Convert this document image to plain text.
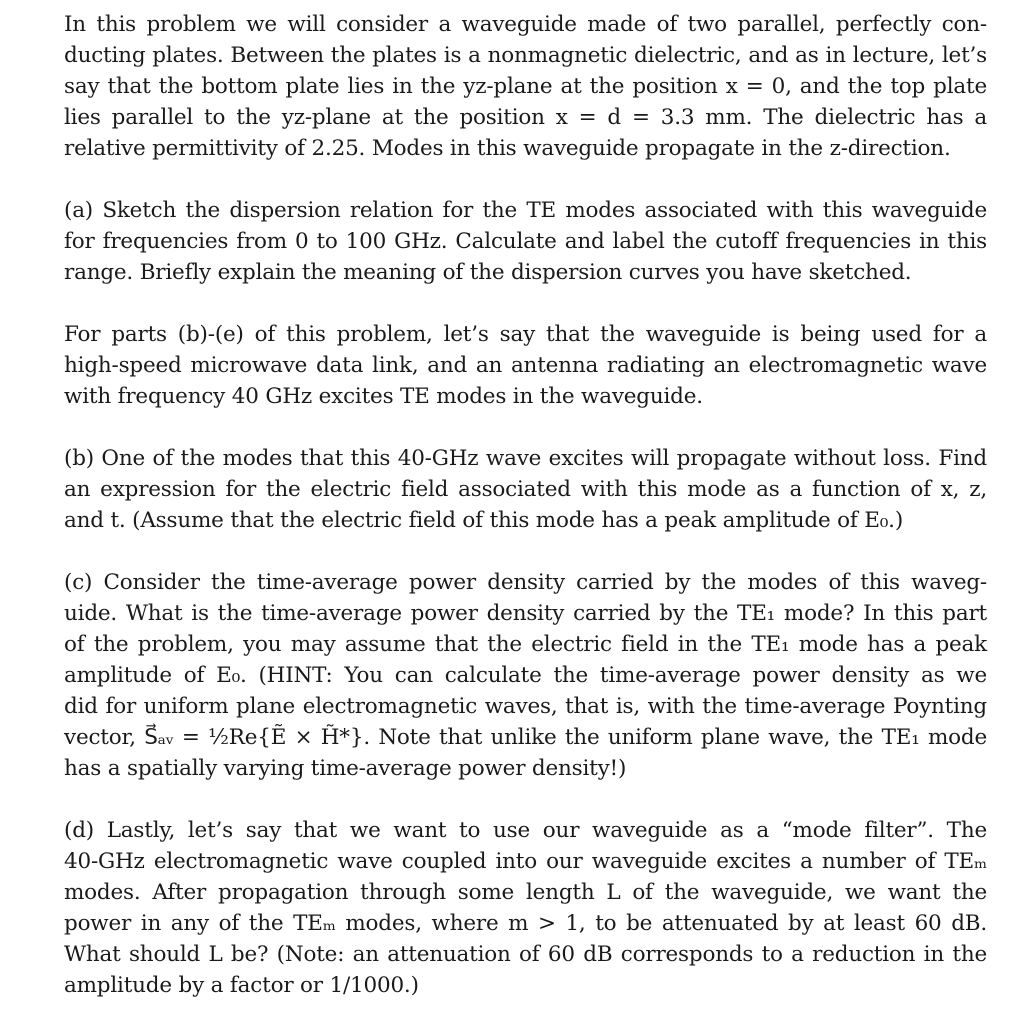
In this problem we will consider a waveguide made of two parallel, perfectly con-
ducting plates. Between the plates is a nonmagnetic dielectric, and as in lecture, let’s
say that the bottom plate lies in the yz-plane at the position x = 0, and the top plate
lies parallel to the yz-plane at the position x = d = 3.3 mm. The dielectric has a
relative permittivity of 2.25. Modes in this waveguide propagate in the z-direction.

(a) Sketch the dispersion relation for the TE modes associated with this waveguide
for frequencies from 0 to 100 GHz. Calculate and label the cutoff frequencies in this
range. Briefly explain the meaning of the dispersion curves you have sketched.

For parts (b)-(e) of this problem, let’s say that the waveguide is being used for a
high-speed microwave data link, and an antenna radiating an electromagnetic wave
with frequency 40 GHz excites TE modes in the waveguide.

(b) One of the modes that this 40-GHz wave excites will propagate without loss. Find
an expression for the electric field associated with this mode as a function of x, z,
and t. (Assume that the electric field of this mode has a peak amplitude of E₀.)

(c) Consider the time-average power density carried by the modes of this waveg-
uide. What is the time-average power density carried by the TE₁ mode? In this part
of the problem, you may assume that the electric field in the TE₁ mode has a peak
amplitude of E₀. (HINT: You can calculate the time-average power density as we
did for uniform plane electromagnetic waves, that is, with the time-average Poynting
vector, S⃗ₐᵥ = ½Re{Ẽ × H̃*}. Note that unlike the uniform plane wave, the TE₁ mode
has a spatially varying time-average power density!)

(d) Lastly, let’s say that we want to use our waveguide as a “mode filter”. The
40-GHz electromagnetic wave coupled into our waveguide excites a number of TEₘ
modes. After propagation through some length L of the waveguide, we want the
power in any of the TEₘ modes, where m > 1, to be attenuated by at least 60 dB.
What should L be? (Note: an attenuation of 60 dB corresponds to a reduction in the
amplitude by a factor or 1/1000.)
